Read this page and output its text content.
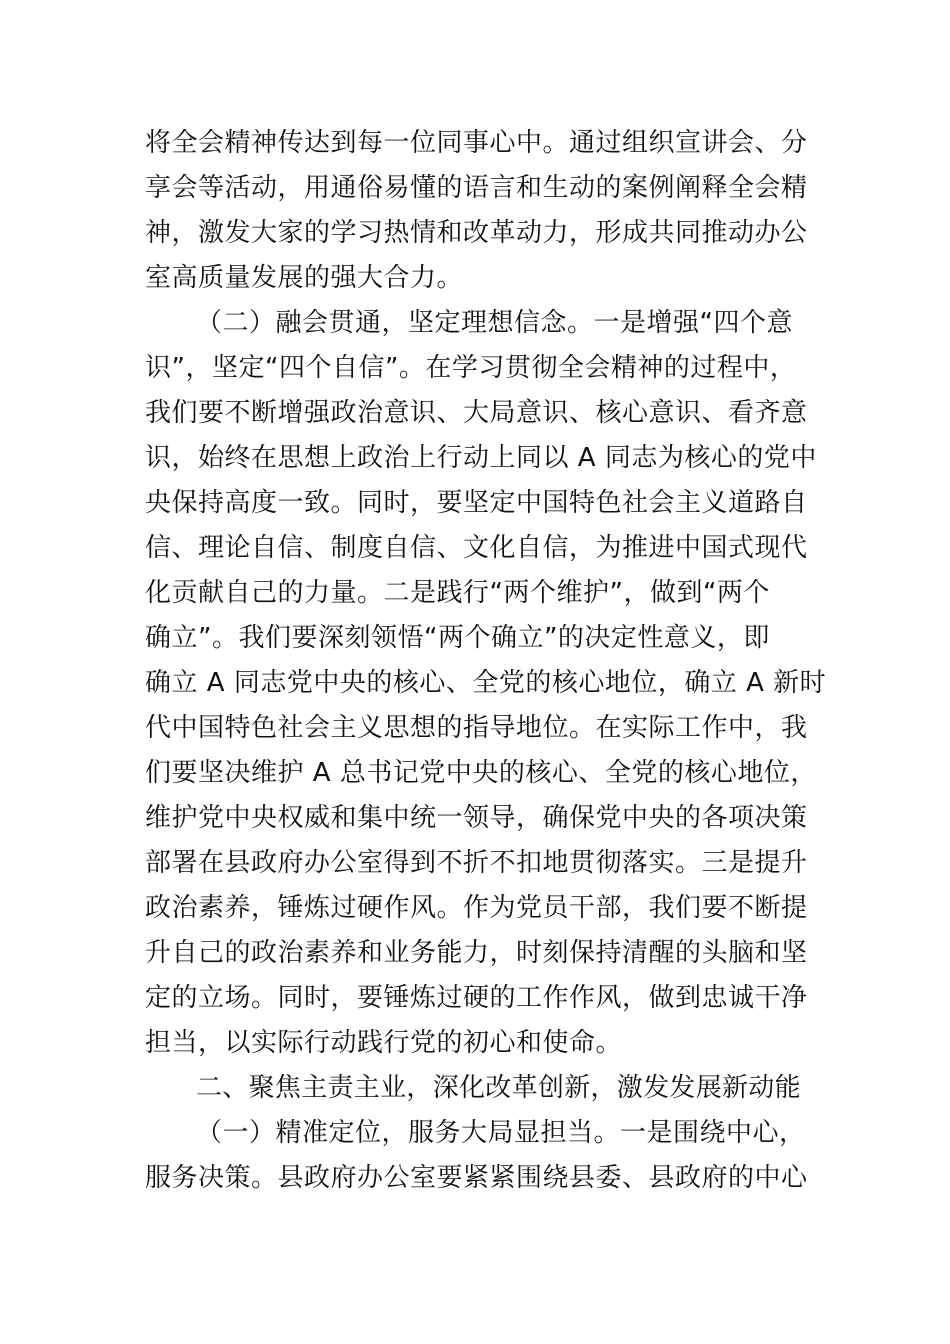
将全会精神传达到每一位同事心中。通过组织宣讲会、分
享会等活动，用通俗易懂的语言和生动的案例阐释全会精
神，激发大家的学习热情和改革动力，形成共同推动办公
室高质量发展的强大合力。
（二）融会贯通，坚定理想信念。一是增强“四个意
识”，坚定“四个自信”。在学习贯彻全会精神的过程中，
我们要不断增强政治意识、大局意识、核心意识、看齐意
识，始终在思想上政治上行动上同以 A 同志为核心的党中
央保持高度一致。同时，要坚定中国特色社会主义道路自
信、理论自信、制度自信、文化自信，为推进中国式现代
化贡献自己的力量。二是践行“两个维护”，做到“两个
确立”。我们要深刻领悟“两个确立”的决定性意义，即
确立 A 同志党中央的核心、全党的核心地位，确立 A 新时
代中国特色社会主义思想的指导地位。在实际工作中，我
们要坚决维护 A 总书记党中央的核心、全党的核心地位，
维护党中央权威和集中统一领导，确保党中央的各项决策
部署在县政府办公室得到不折不扣地贯彻落实。三是提升
政治素养，锤炼过硬作风。作为党员干部，我们要不断提
升自己的政治素养和业务能力，时刻保持清醒的头脑和坚
定的立场。同时，要锤炼过硬的工作作风，做到忠诚干净
担当，以实际行动践行党的初心和使命。
二、聚焦主责主业，深化改革创新，激发发展新动能
（一）精准定位，服务大局显担当。一是围绕中心，
服务决策。县政府办公室要紧紧围绕县委、县政府的中心
